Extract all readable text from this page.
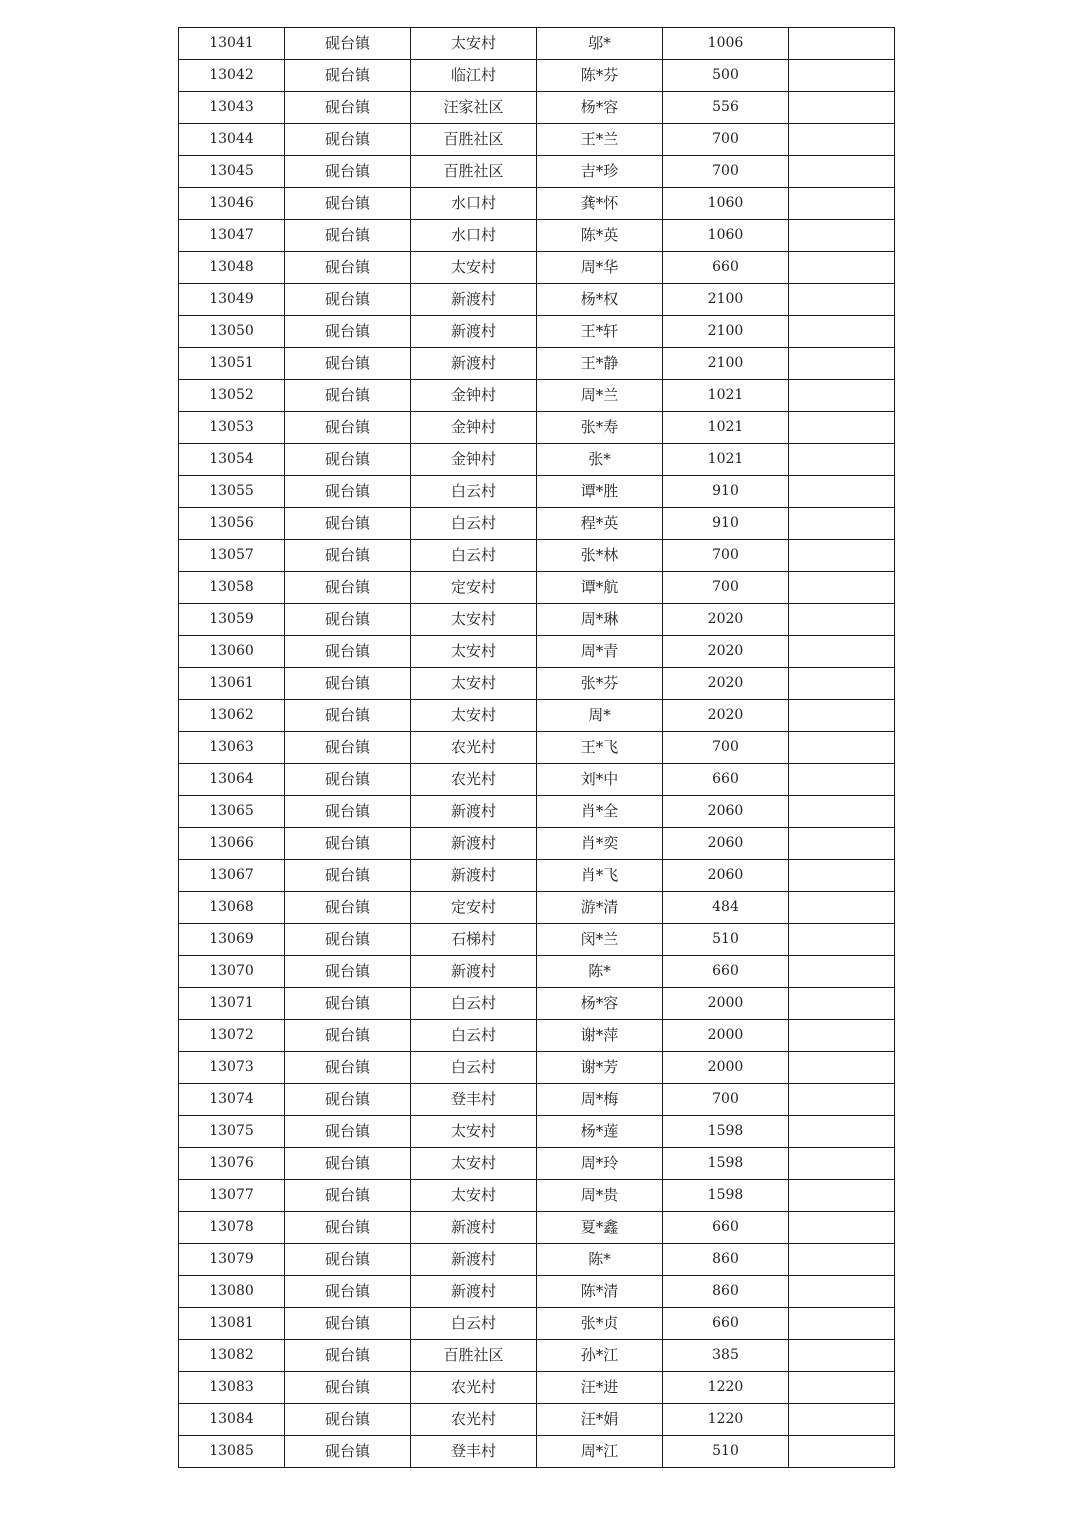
13041	砚台镇	太安村	邬*	1006	
13042	砚台镇	临江村	陈*芬	500	
13043	砚台镇	汪家社区	杨*容	556	
13044	砚台镇	百胜社区	王*兰	700	
13045	砚台镇	百胜社区	吉*珍	700	
13046	砚台镇	水口村	龚*怀	1060	
13047	砚台镇	水口村	陈*英	1060	
13048	砚台镇	太安村	周*华	660	
13049	砚台镇	新渡村	杨*权	2100	
13050	砚台镇	新渡村	王*轩	2100	
13051	砚台镇	新渡村	王*静	2100	
13052	砚台镇	金钟村	周*兰	1021	
13053	砚台镇	金钟村	张*寿	1021	
13054	砚台镇	金钟村	张*	1021	
13055	砚台镇	白云村	谭*胜	910	
13056	砚台镇	白云村	程*英	910	
13057	砚台镇	白云村	张*林	700	
13058	砚台镇	定安村	谭*航	700	
13059	砚台镇	太安村	周*琳	2020	
13060	砚台镇	太安村	周*青	2020	
13061	砚台镇	太安村	张*芬	2020	
13062	砚台镇	太安村	周*	2020	
13063	砚台镇	农光村	王*飞	700	
13064	砚台镇	农光村	刘*中	660	
13065	砚台镇	新渡村	肖*全	2060	
13066	砚台镇	新渡村	肖*奕	2060	
13067	砚台镇	新渡村	肖*飞	2060	
13068	砚台镇	定安村	游*清	484	
13069	砚台镇	石梯村	闵*兰	510	
13070	砚台镇	新渡村	陈*	660	
13071	砚台镇	白云村	杨*容	2000	
13072	砚台镇	白云村	谢*萍	2000	
13073	砚台镇	白云村	谢*芳	2000	
13074	砚台镇	登丰村	周*梅	700	
13075	砚台镇	太安村	杨*莲	1598	
13076	砚台镇	太安村	周*玲	1598	
13077	砚台镇	太安村	周*贵	1598	
13078	砚台镇	新渡村	夏*鑫	660	
13079	砚台镇	新渡村	陈*	860	
13080	砚台镇	新渡村	陈*清	860	
13081	砚台镇	白云村	张*贞	660	
13082	砚台镇	百胜社区	孙*江	385	
13083	砚台镇	农光村	汪*进	1220	
13084	砚台镇	农光村	汪*娟	1220	
13085	砚台镇	登丰村	周*江	510	
